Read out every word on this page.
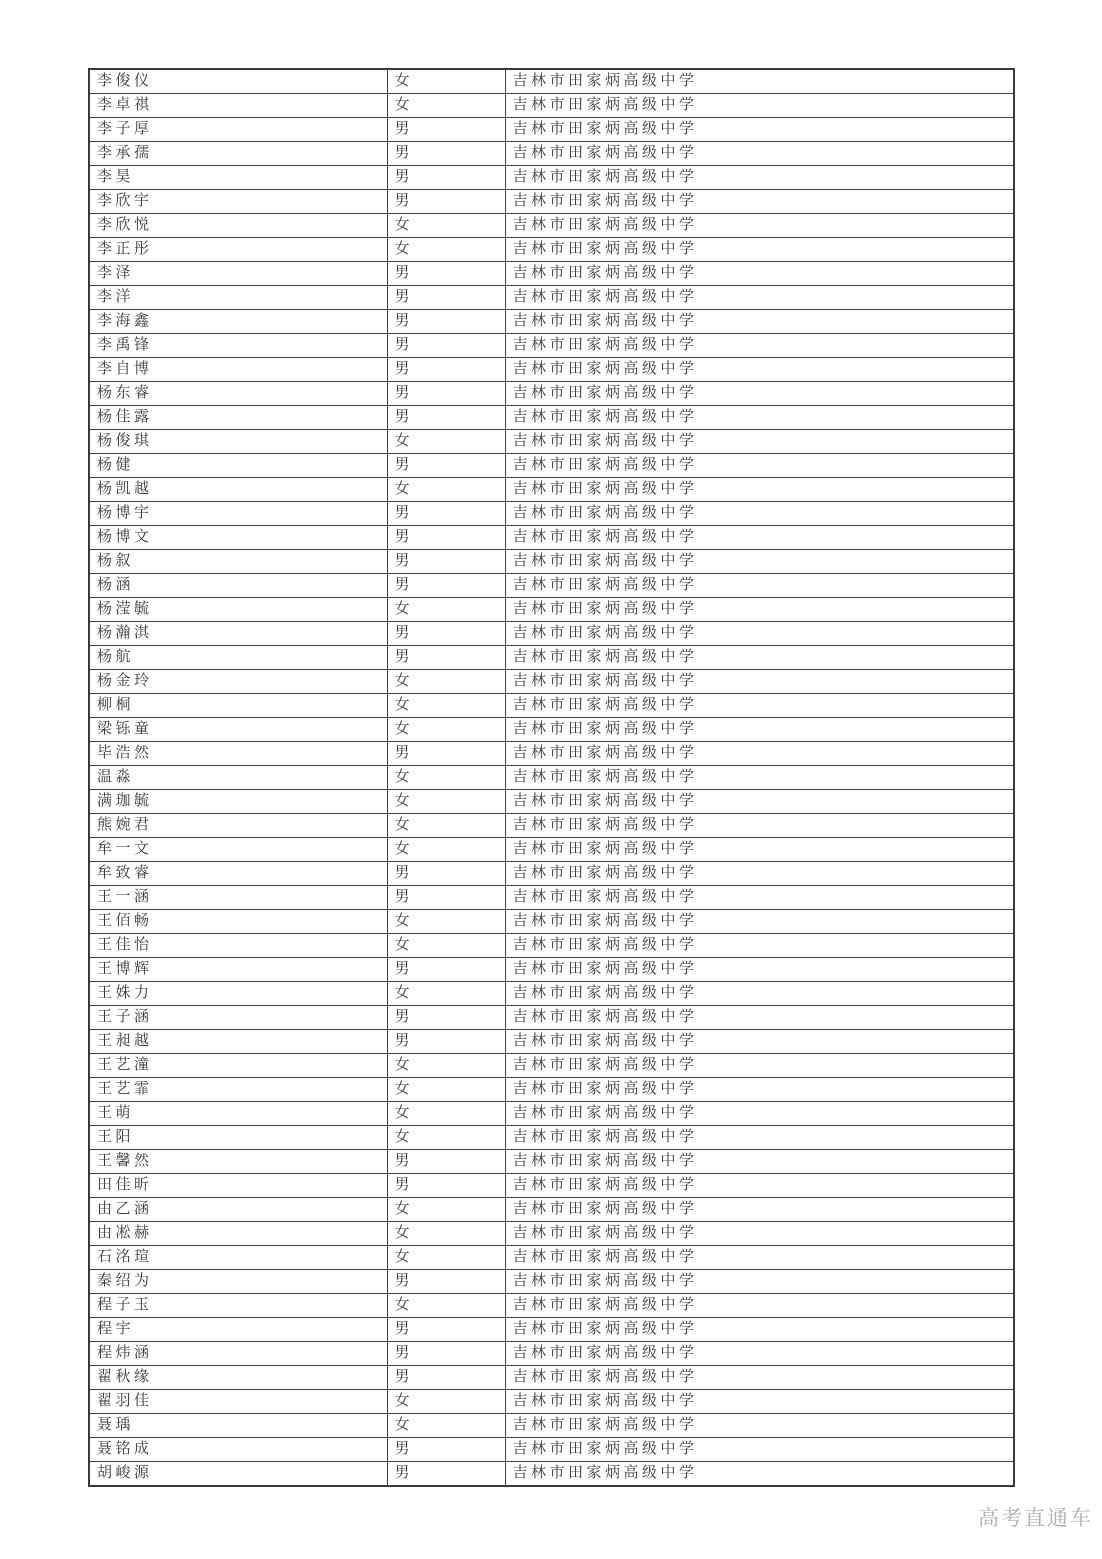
李俊仪	女	吉林市田家炳高级中学
李卓祺	女	吉林市田家炳高级中学
李子厚	男	吉林市田家炳高级中学
李承孺	男	吉林市田家炳高级中学
李昊	男	吉林市田家炳高级中学
李欣宇	男	吉林市田家炳高级中学
李欣悦	女	吉林市田家炳高级中学
李正彤	女	吉林市田家炳高级中学
李泽	男	吉林市田家炳高级中学
李洋	男	吉林市田家炳高级中学
李海鑫	男	吉林市田家炳高级中学
李禹锋	男	吉林市田家炳高级中学
李自博	男	吉林市田家炳高级中学
杨东睿	男	吉林市田家炳高级中学
杨佳露	男	吉林市田家炳高级中学
杨俊琪	女	吉林市田家炳高级中学
杨健	男	吉林市田家炳高级中学
杨凯越	女	吉林市田家炳高级中学
杨博宇	男	吉林市田家炳高级中学
杨博文	男	吉林市田家炳高级中学
杨叙	男	吉林市田家炳高级中学
杨涵	男	吉林市田家炳高级中学
杨滢毓	女	吉林市田家炳高级中学
杨瀚淇	男	吉林市田家炳高级中学
杨航	男	吉林市田家炳高级中学
杨金玲	女	吉林市田家炳高级中学
柳桐	女	吉林市田家炳高级中学
梁铄童	女	吉林市田家炳高级中学
毕浩然	男	吉林市田家炳高级中学
温淼	女	吉林市田家炳高级中学
满珈毓	女	吉林市田家炳高级中学
熊婉君	女	吉林市田家炳高级中学
牟一文	女	吉林市田家炳高级中学
牟致睿	男	吉林市田家炳高级中学
王一涵	男	吉林市田家炳高级中学
王佰畅	女	吉林市田家炳高级中学
王佳怡	女	吉林市田家炳高级中学
王博辉	男	吉林市田家炳高级中学
王姝力	女	吉林市田家炳高级中学
王子涵	男	吉林市田家炳高级中学
王昶越	男	吉林市田家炳高级中学
王艺潼	女	吉林市田家炳高级中学
王艺霏	女	吉林市田家炳高级中学
王萌	女	吉林市田家炳高级中学
王阳	女	吉林市田家炳高级中学
王馨然	男	吉林市田家炳高级中学
田佳昕	男	吉林市田家炳高级中学
由乙涵	女	吉林市田家炳高级中学
由凇赫	女	吉林市田家炳高级中学
石洺瑄	女	吉林市田家炳高级中学
秦绍为	男	吉林市田家炳高级中学
程子玉	女	吉林市田家炳高级中学
程宇	男	吉林市田家炳高级中学
程炜涵	男	吉林市田家炳高级中学
翟秋缘	男	吉林市田家炳高级中学
翟羽佳	女	吉林市田家炳高级中学
聂瑀	女	吉林市田家炳高级中学
聂铭成	男	吉林市田家炳高级中学
胡峻源	男	吉林市田家炳高级中学
高考直通车
